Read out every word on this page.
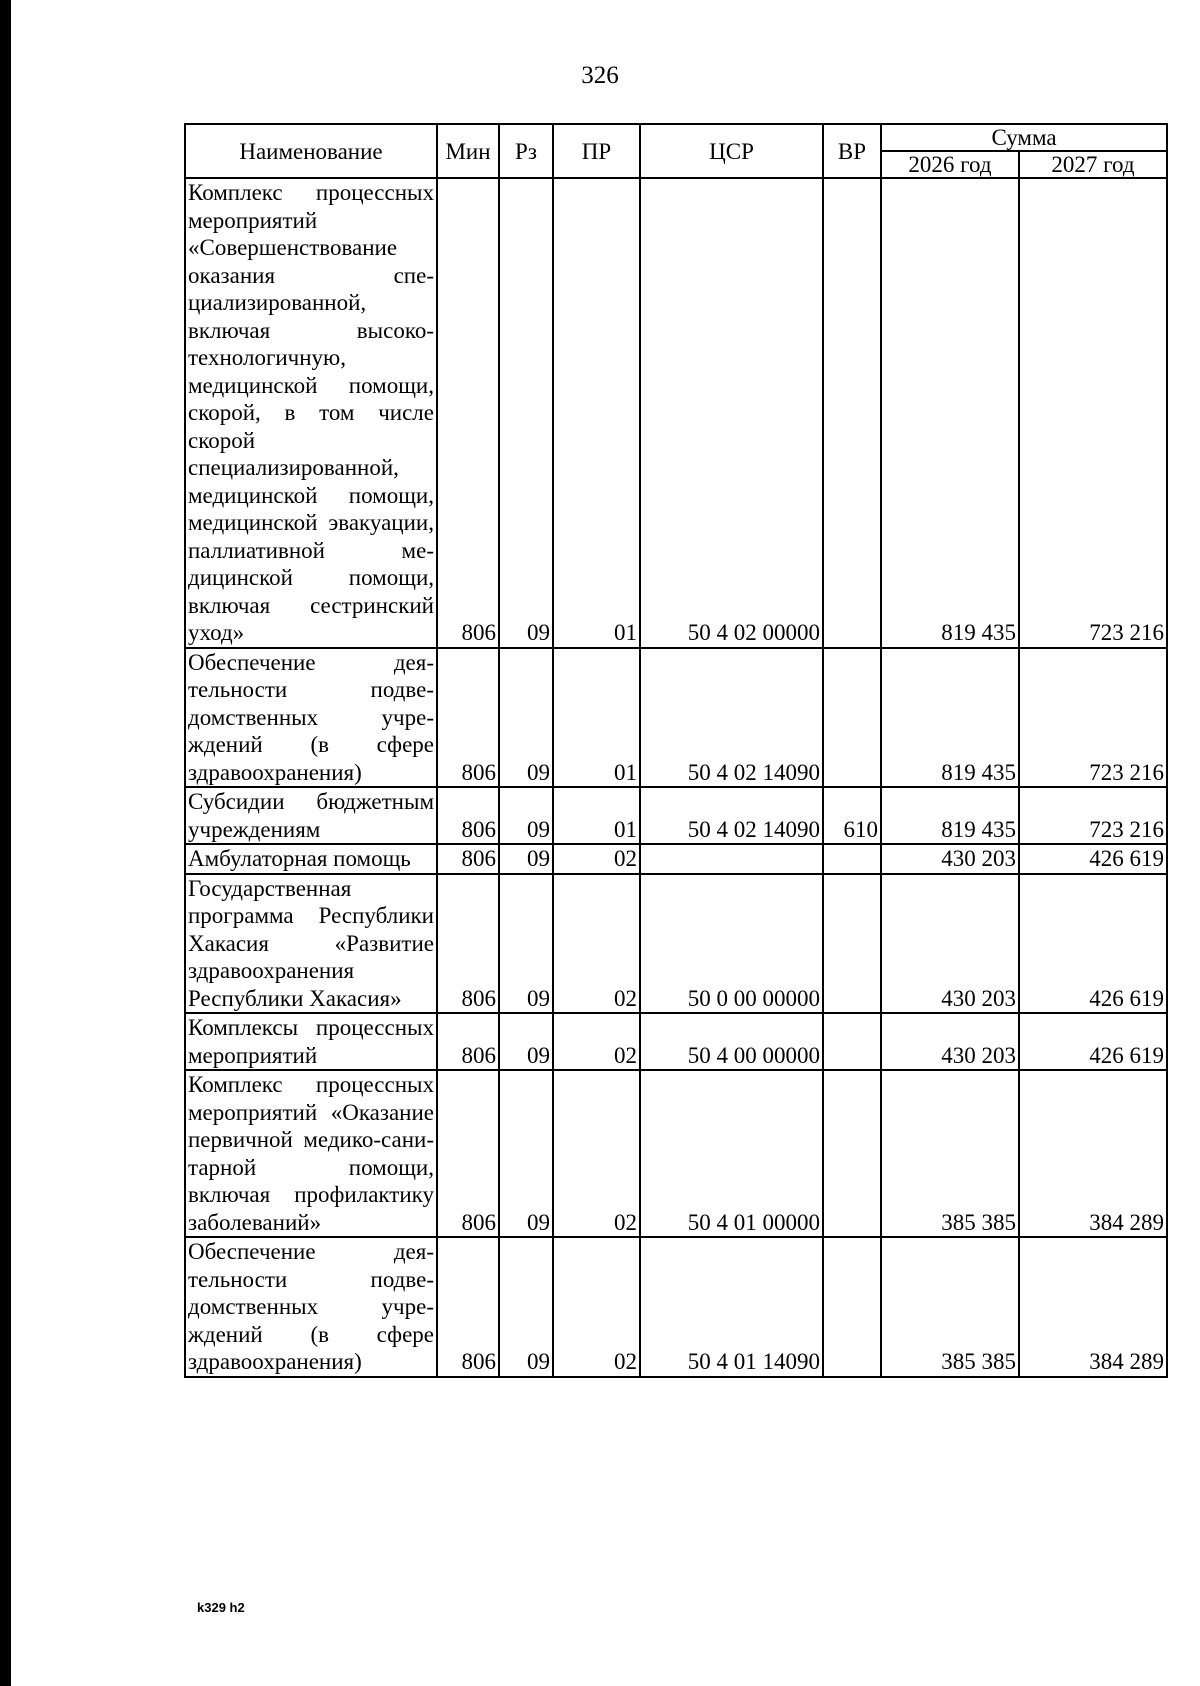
326
Наименование	Мин	Рз	ПР	ЦСР	ВР	Сумма	
						2026 год	2027 год
Комплекс процессных мероприятий «Совершенствование оказания специализированной, включая высокотехнологичную, медицинской помощи, скорой, в том числе скорой специализированной, медицинской помощи, медицинской эвакуации, паллиативной медицинской помощи, включая сестринский уход»	806	09	01	50 4 02 00000		819 435	723 216
Обеспечение деятельности подведомственных учреждений (в сфере здравоохранения)	806	09	01	50 4 02 14090		819 435	723 216
Субсидии бюджетным учреждениям	806	09	01	50 4 02 14090	610	819 435	723 216
Амбулаторная помощь	806	09	02			430 203	426 619
Государственная программа Республики Хакасия «Развитие здравоохранения Республики Хакасия»	806	09	02	50 0 00 00000		430 203	426 619
Комплексы процессных мероприятий	806	09	02	50 4 00 00000		430 203	426 619
Комплекс процессных мероприятий «Оказание первичной медико-санитарной помощи, включая профилактику заболеваний»	806	09	02	50 4 01 00000		385 385	384 289
Обеспечение деятельности подведомственных учреждений (в сфере здравоохранения)	806	09	02	50 4 01 14090		385 385	384 289
k329 h2
